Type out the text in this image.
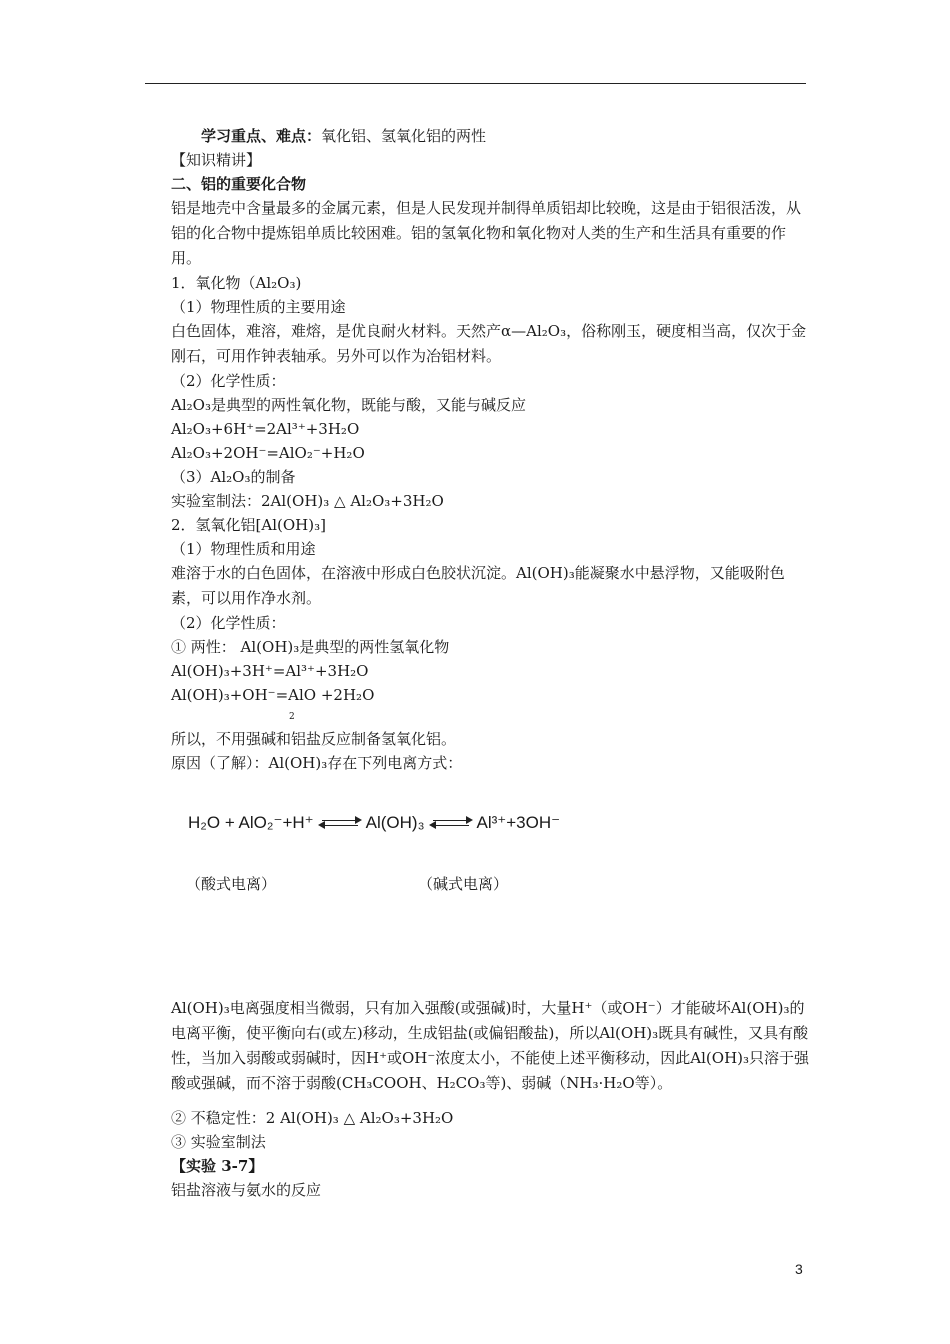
学习重点、难点：氧化铝、氢氧化铝的两性
【知识精讲】
二、铝的重要化合物
铝是地壳中含量最多的金属元素，但是人民发现并制得单质铝却比较晚，这是由于铝很活泼，从铝的化合物中提炼铝单质比较困难。铝的氢氧化物和氧化物对人类的生产和生活具有重要的作用。
1．氧化物（Al₂O₃)
（1）物理性质的主要用途
白色固体，难溶，难熔，是优良耐火材料。天然产α—Al₂O₃，俗称刚玉，硬度相当高，仅次于金刚石，可用作钟表轴承。另外可以作为冶铝材料。
（2）化学性质：
Al₂O₃是典型的两性氧化物，既能与酸，又能与碱反应
Al₂O₃+6H⁺=2Al³⁺+3H₂O
Al₂O₃+2OH⁻=AlO₂⁻+H₂O
（3）Al₂O₃的制备
实验室制法：2Al(OH)₃ △ Al₂O₃+3H₂O
2．氢氧化铝[Al(OH)₃]
（1）物理性质和用途
难溶于水的白色固体，在溶液中形成白色胶状沉淀。Al(OH)₃能凝聚水中悬浮物，又能吸附色素，可以用作净水剂。
（2）化学性质：
① 两性： Al(OH)₃是典型的两性氢氧化物
Al(OH)₃+3H⁺=Al³⁺+3H₂O
Al(OH)₃+OH⁻=AlO +2H₂O
2
所以，不用强碱和铝盐反应制备氢氧化铝。
原因（了解）：Al(OH)₃存在下列电离方式：
H₂O + AlO₂⁻+H⁺	Al(OH)₃	Al³⁺+3OH⁻
（酸式电离）	（碱式电离）
Al(OH)₃电离强度相当微弱，只有加入强酸(或强碱)时，大量H⁺（或OH⁻）才能破坏Al(OH)₃的电离平衡，使平衡向右(或左)移动，生成铝盐(或偏铝酸盐)，所以Al(OH)₃既具有碱性，又具有酸性，当加入弱酸或弱碱时，因H⁺或OH⁻浓度太小，不能使上述平衡移动，因此Al(OH)₃只溶于强酸或强碱，而不溶于弱酸(CH₃COOH、H₂CO₃等)、弱碱（NH₃·H₂O等）。
② 不稳定性：2 Al(OH)₃ △ Al₂O₃+3H₂O
③ 实验室制法
【实验 3-7】
铝盐溶液与氨水的反应
3
